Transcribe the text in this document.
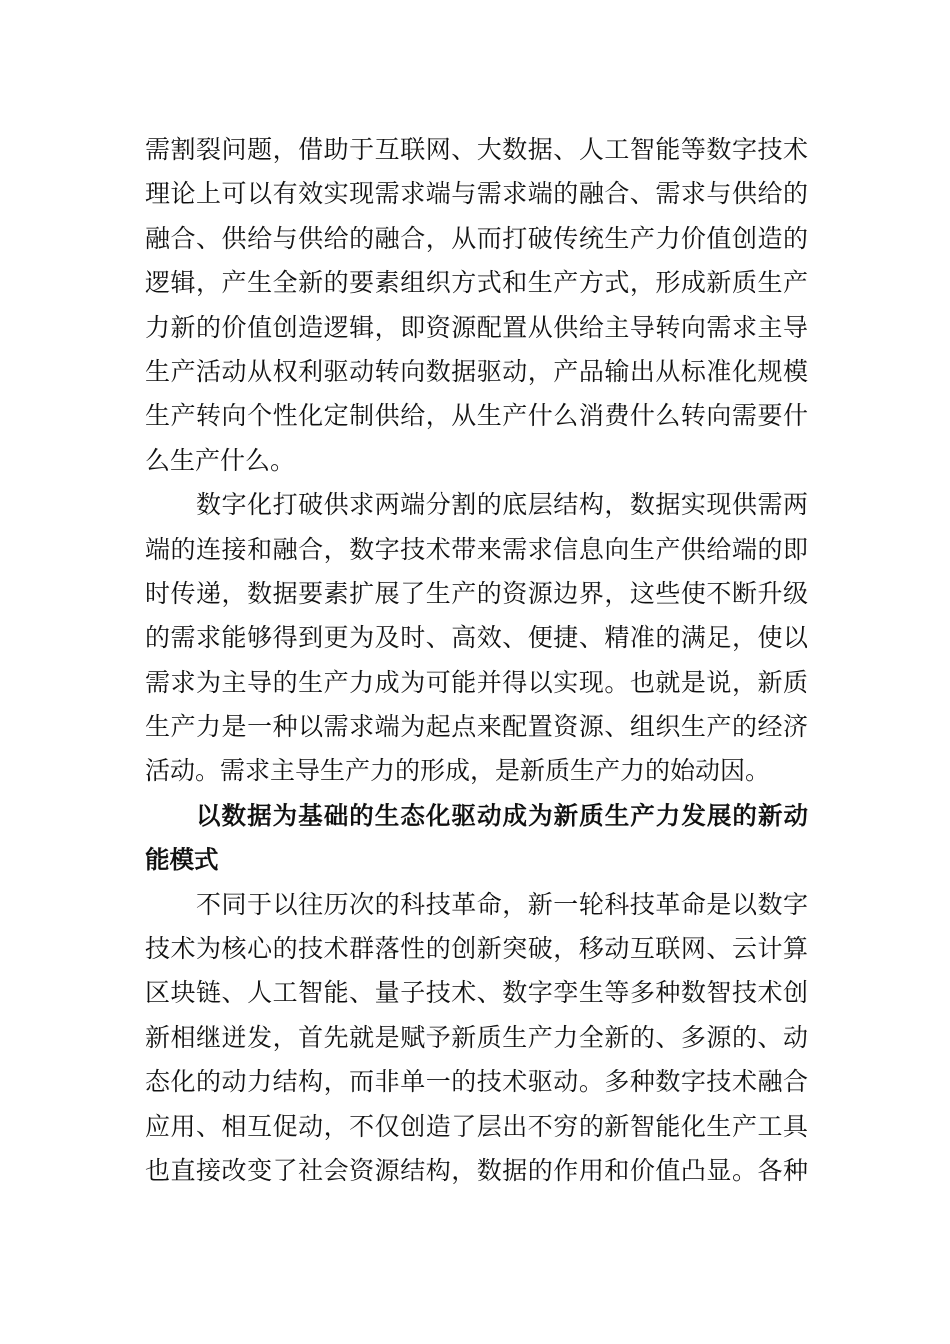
需割裂问题，借助于互联网、大数据、人工智能等数字技术
理论上可以有效实现需求端与需求端的融合、需求与供给的
融合、供给与供给的融合，从而打破传统生产力价值创造的
逻辑，产生全新的要素组织方式和生产方式，形成新质生产
力新的价值创造逻辑，即资源配置从供给主导转向需求主导
生产活动从权利驱动转向数据驱动，产品输出从标准化规模
生产转向个性化定制供给，从生产什么消费什么转向需要什
么生产什么。
数字化打破供求两端分割的底层结构，数据实现供需两
端的连接和融合，数字技术带来需求信息向生产供给端的即
时传递，数据要素扩展了生产的资源边界，这些使不断升级
的需求能够得到更为及时、高效、便捷、精准的满足，使以
需求为主导的生产力成为可能并得以实现。也就是说，新质
生产力是一种以需求端为起点来配置资源、组织生产的经济
活动。需求主导生产力的形成，是新质生产力的始动因。
以数据为基础的生态化驱动成为新质生产力发展的新动
能模式
不同于以往历次的科技革命，新一轮科技革命是以数字
技术为核心的技术群落性的创新突破，移动互联网、云计算
区块链、人工智能、量子技术、数字孪生等多种数智技术创
新相继迸发，首先就是赋予新质生产力全新的、多源的、动
态化的动力结构，而非单一的技术驱动。多种数字技术融合
应用、相互促动，不仅创造了层出不穷的新智能化生产工具
也直接改变了社会资源结构，数据的作用和价值凸显。各种
